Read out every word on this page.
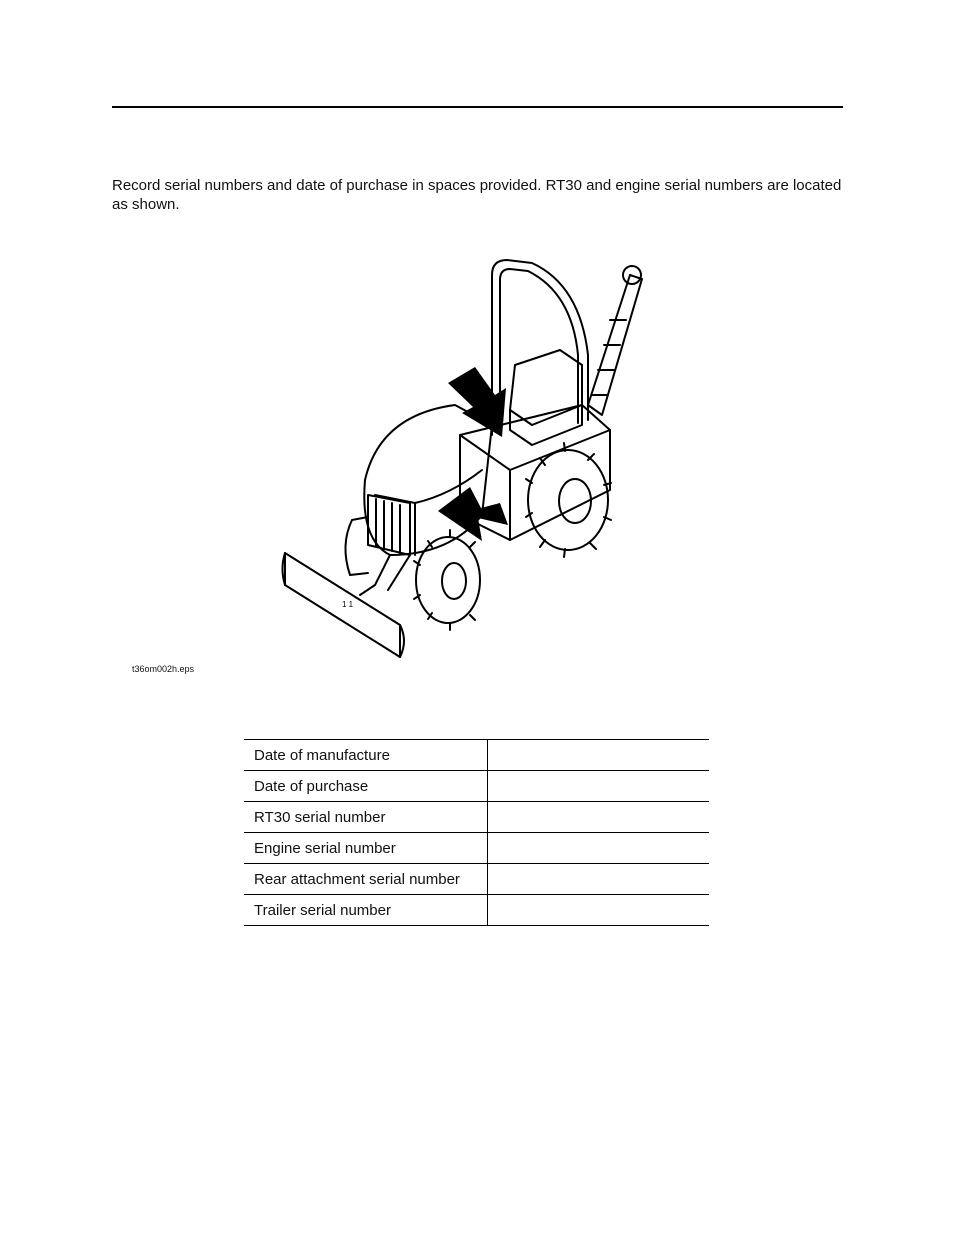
Record serial numbers and date of purchase in spaces provided. RT30 and engine serial numbers are located as shown.

1 1
t36om002h.eps
Date of manufacture	
Date of purchase	
RT30 serial number	
Engine serial number	
Rear attachment serial number	
Trailer serial number	
